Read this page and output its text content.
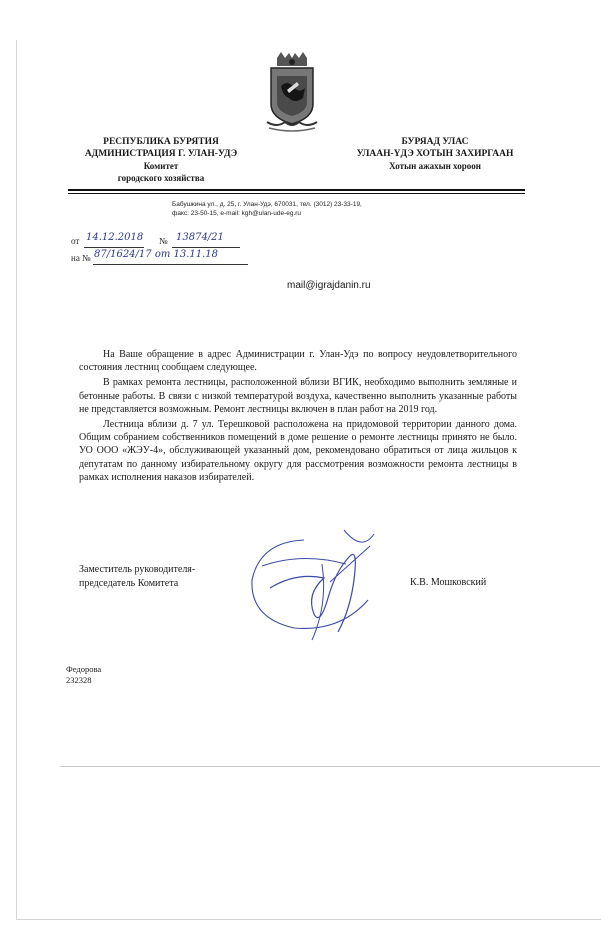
РЕСПУБЛИКА БУРЯТИЯ
АДМИНИСТРАЦИЯ Г. УЛАН-УДЭ
Комитет
городского хозяйства
БУРЯАД УЛАС
УЛААН-ҮДЭ ХОТЫН ЗАХИРГААН
Хотын ажахын хороон
Бабушкина ул., д. 25, г. Улан-Удэ, 670031, тел. (3012) 23-33-19,
факс: 23-50-15, e-mail: kgh@ulan-ude-eg.ru
от 14.12.2018 № 13874/21
на № 87/1624/17 от 13.11.18
mail@igrajdanin.ru

На Ваше обращение в адрес Администрации г. Улан-Удэ по вопросу неудовлетворительного состояния лестниц сообщаем следующее.

В рамках ремонта лестницы, расположенной вблизи ВГИК, необходимо выполнить земляные и бетонные работы. В связи с низкой температурой воздуха, качественно выполнить указанные работы не представляется возможным. Ремонт лестницы включен в план работ на 2019 год.

Лестница вблизи д. 7 ул. Терешковой расположена на придомовой территории данного дома. Общим собранием собственников помещений в доме решение о ремонте лестницы принято не было. УО ООО «ЖЭУ-4», обслуживающей указанный дом, рекомендовано обратиться от лица жильцов к депутатам по данному избирательному округу для рассмотрения возможности ремонта лестницы в рамках исполнения наказов избирателей.

Заместитель руководителя-
председатель Комитета	К.В. Мошковский
Федорова
232328
